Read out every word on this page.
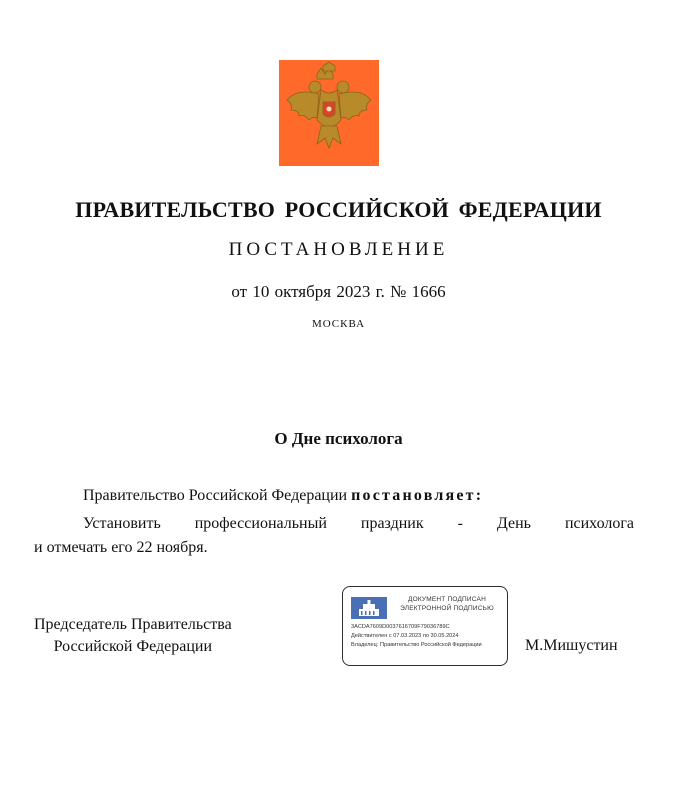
ПРАВИТЕЛЬСТВО РОССИЙСКОЙ ФЕДЕРАЦИИ
ПОСТАНОВЛЕНИЕ
от 10 октября 2023 г. № 1666
МОСКВА
О Дне психолога
Правительство Российской Федерации постановляет:
Установить профессиональный праздник - День психолога
и отмечать его 22 ноября.
Председатель Правительства
Российской Федерации
ДОКУМЕНТ ПОДПИСАН
ЭЛЕКТРОННОЙ ПОДПИСЬЮ
3ACDA7609D0037616709F79036789C
Действителен с 07.03.2023 по 30.05.2024
Владелец: Правительство Российской Федерации	М.Мишустин
